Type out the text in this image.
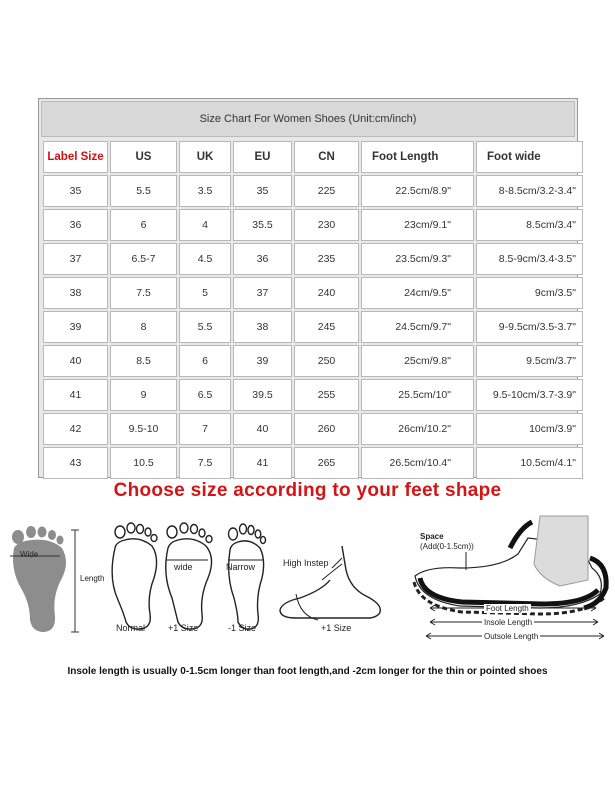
Size Chart For Women Shoes (Unit:cm/inch)
Label Size	US	UK	EU	CN	Foot Length	Foot wide
35	5.5	3.5	35	225	22.5cm/8.9"	8-8.5cm/3.2-3.4"
36	6	4	35.5	230	23cm/9.1"	8.5cm/3.4"
37	6.5-7	4.5	36	235	23.5cm/9.3"	8.5-9cm/3.4-3.5"
38	7.5	5	37	240	24cm/9.5"	9cm/3.5"
39	8	5.5	38	245	24.5cm/9.7"	9-9.5cm/3.5-3.7"
40	8.5	6	39	250	25cm/9.8"	9.5cm/3.7"
41	9	6.5	39.5	255	25.5cm/10"	9.5-10cm/3.7-3.9"
42	9.5-10	7	40	260	26cm/10.2"	10cm/3.9"
43	10.5	7.5	41	265	26.5cm/10.4"	10.5cm/4.1"
Choose size according to your feet shape
Wide
Length
wide	Narrow
Normal	+1 Size	-1 Size
High Instep
+1 Size
Space
(Add(0-1.5cm))
Foot Length
Insole Length
Outsole Length
Insole length is usually 0-1.5cm longer than foot length,and -2cm longer for the thin or pointed shoes
